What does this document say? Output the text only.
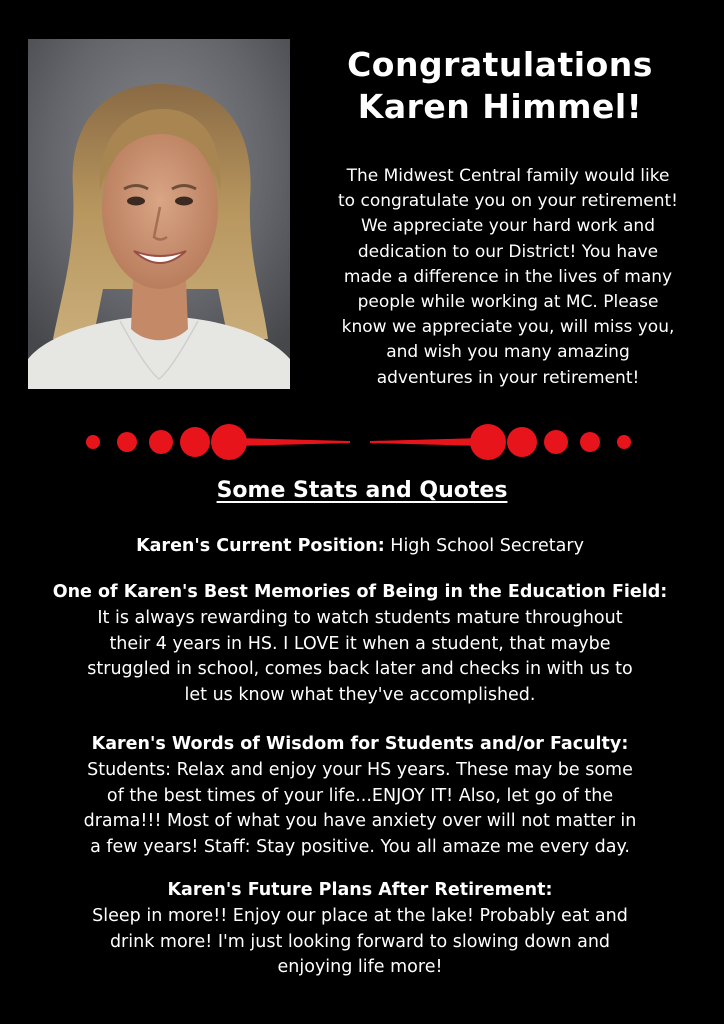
Congratulations
Karen Himmel!
The Midwest Central family would like
to congratulate you on your retirement!
We appreciate your hard work and
dedication to our District! You have
made a difference in the lives of many
people while working at MC. Please
know we appreciate you, will miss you,
and wish you many amazing
adventures in your retirement!
Some Stats and Quotes
Karen's Current Position: High School Secretary
One of Karen's Best Memories of Being in the Education Field:
It is always rewarding to watch students mature throughout
their 4 years in HS. I LOVE it when a student, that maybe
struggled in school, comes back later and checks in with us to
let us know what they've accomplished.
Karen's Words of Wisdom for Students and/or Faculty:
Students: Relax and enjoy your HS years. These may be some
of the best times of your life...ENJOY IT! Also, let go of the
drama!!! Most of what you have anxiety over will not matter in
a few years! Staff: Stay positive. You all amaze me every day.
Karen's Future Plans After Retirement:
Sleep in more!! Enjoy our place at the lake! Probably eat and
drink more! I'm just looking forward to slowing down and
enjoying life more!
